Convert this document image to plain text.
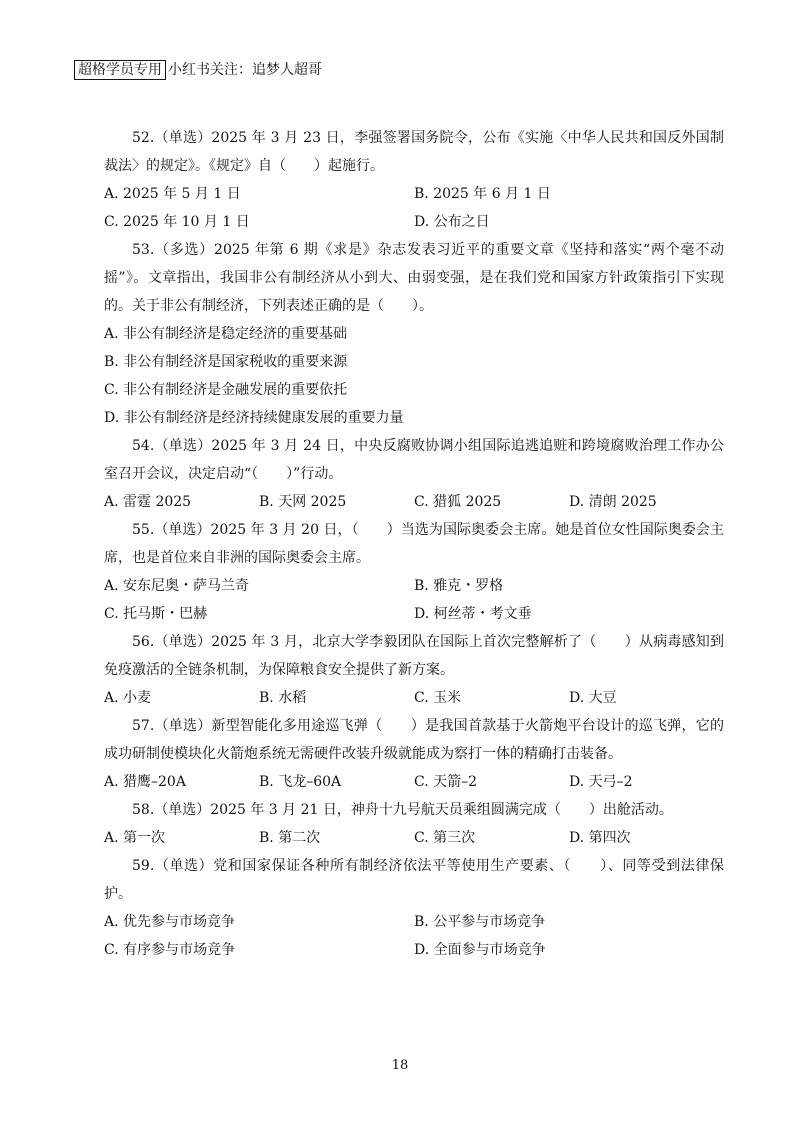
超格学员专用 小红书关注：追梦人超哥

52.（单选）2025 年 3 月 23 日，李强签署国务院令，公布《实施〈中华人民共和国反外国制裁法〉的规定》。《规定》自（　　）起施行。

A. 2025 年 5 月 1 日	B. 2025 年 6 月 1 日
C. 2025 年 10 月 1 日	D. 公布之日

53.（多选）2025 年第 6 期《求是》杂志发表习近平的重要文章《坚持和落实“两个毫不动摇”》。文章指出，我国非公有制经济从小到大、由弱变强，是在我们党和国家方针政策指引下实现的。关于非公有制经济，下列表述正确的是（　　）。

A. 非公有制经济是稳定经济的重要基础
B. 非公有制经济是国家税收的重要来源
C. 非公有制经济是金融发展的重要依托
D. 非公有制经济是经济持续健康发展的重要力量

54.（单选）2025 年 3 月 24 日，中央反腐败协调小组国际追逃追赃和跨境腐败治理工作办公室召开会议，决定启动“（　　）”行动。

A. 雷霆 2025	B. 天网 2025	C. 猎狐 2025	D. 清朗 2025

55.（单选）2025 年 3 月 20 日，（　　）当选为国际奥委会主席。她是首位女性国际奥委会主席，也是首位来自非洲的国际奥委会主席。

A. 安东尼奥・萨马兰奇	B. 雅克・罗格
C. 托马斯・巴赫	D. 柯丝蒂・考文垂

56.（单选）2025 年 3 月，北京大学李毅团队在国际上首次完整解析了（　　）从病毒感知到免疫激活的全链条机制，为保障粮食安全提供了新方案。

A. 小麦	B. 水稻	C. 玉米	D. 大豆

57.（单选）新型智能化多用途巡飞弹（　　）是我国首款基于火箭炮平台设计的巡飞弹，它的成功研制使模块化火箭炮系统无需硬件改装升级就能成为察打一体的精确打击装备。

A. 猎鹰–20A	B. 飞龙–60A	C. 天箭–2	D. 天弓–2

58.（单选）2025 年 3 月 21 日，神舟十九号航天员乘组圆满完成（　　）出舱活动。

A. 第一次	B. 第二次	C. 第三次	D. 第四次

59.（单选）党和国家保证各种所有制经济依法平等使用生产要素、（　　）、同等受到法律保护。

A. 优先参与市场竞争	B. 公平参与市场竞争
C. 有序参与市场竞争	D. 全面参与市场竞争
18
